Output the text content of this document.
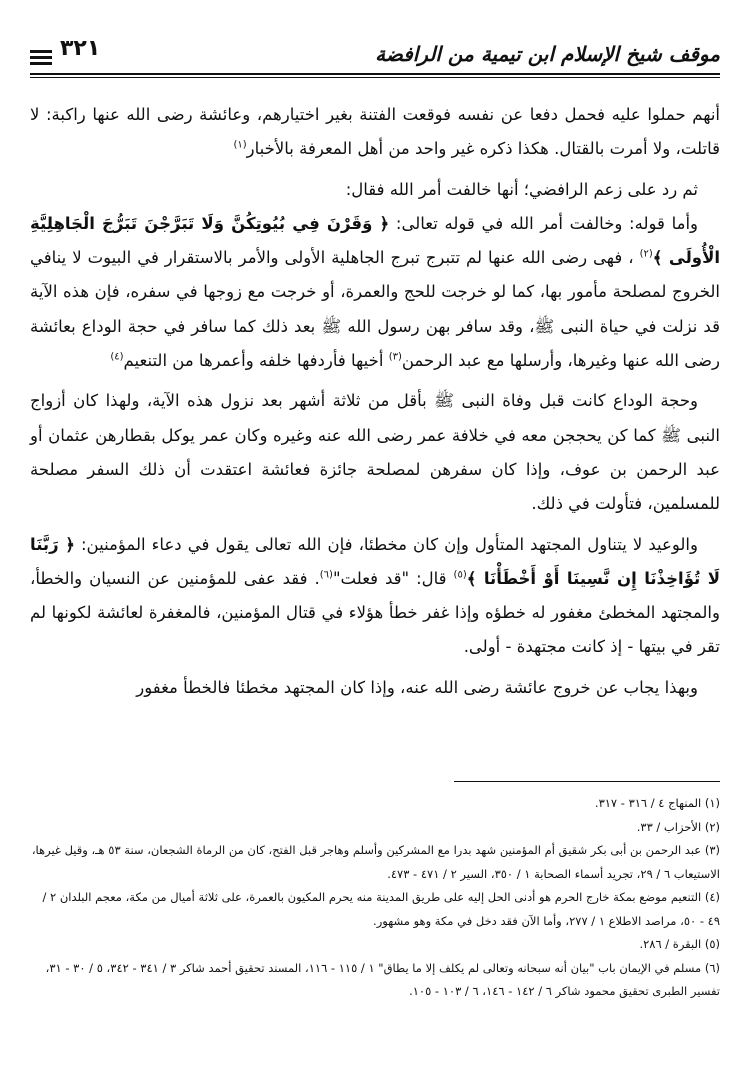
موقف شيخ الإسلام ابن تيمية من الرافضة
٣٢١

أنهم حملوا عليه فحمل دفعا عن نفسه فوقعت الفتنة بغير اختيارهم، وعائشة رضى الله عنها راكبة: لا قاتلت، ولا أمرت بالقتال. هكذا ذكره غير واحد من أهل المعرفة بالأخبار$^{(١)}$

ثم رد على زعم الرافضي؛ أنها خالفت أمر الله فقال:

وأما قوله: وخالفت أمر الله في قوله تعالى: ﴿ وَقَرْنَ فِي بُيُوتِكُنَّ وَلَا تَبَرَّجْنَ تَبَرُّجَ الْجَاهِلِيَّةِ الْأُولَى ﴾$^{(٢)}$ ، فهى رضى الله عنها لم تتبرج تبرج الجاهلية الأولى والأمر بالاستقرار في البيوت لا ينافي الخروج لمصلحة مأمور بها، كما لو خرجت للحج والعمرة، أو خرجت مع زوجها في سفره، فإن هذه الآية قد نزلت في حياة النبى ﷺ، وقد سافر بهن رسول الله ﷺ بعد ذلك كما سافر في حجة الوداع بعائشة رضى الله عنها وغيرها، وأرسلها مع عبد الرحمن$^{(٣)}$ أخيها فأردفها خلفه وأعمرها من التنعيم$^{(٤)}$

وحجة الوداع كانت قبل وفاة النبى ﷺ بأقل من ثلاثة أشهر بعد نزول هذه الآية، ولهذا كان أزواج النبى ﷺ كما كن يحججن معه في خلافة عمر رضى الله عنه وغيره وكان عمر يوكل بقطارهن عثمان أو عبد الرحمن بن عوف، وإذا كان سفرهن لمصلحة جائزة فعائشة اعتقدت أن ذلك السفر مصلحة للمسلمين، فتأولت في ذلك.

والوعيد لا يتناول المجتهد المتأول وإن كان مخطئا، فإن الله تعالى يقول في دعاء المؤمنين: ﴿ رَبَّنَا لَا تُؤَاخِذْنَا إِن نَّسِينَا أَوْ أَخْطَأْنَا ﴾$^{(٥)}$ قال: "قد فعلت"$^{(٦)}$. فقد عفى للمؤمنين عن النسيان والخطأ، والمجتهد المخطئ مغفور له خطؤه وإذا غفر خطأ هؤلاء في قتال المؤمنين، فالمغفرة لعائشة لكونها لم تقر في بيتها - إذ كانت مجتهدة - أولى.

وبهذا يجاب عن خروج عائشة رضى الله عنه، وإذا كان المجتهد مخطئا فالخطأ مغفور

(١) المنهاج ٤ / ٣١٦ - ٣١٧.

(٢) الأحزاب / ٣٣.

(٣) عبد الرحمن بن أبى بكر شقيق أم المؤمنين شهد بدرا مع المشركين وأسلم وهاجر قبل الفتح، كان من الرماة الشجعان، سنة ٥٣ هـ، وقيل غيرها، الاستيعاب ٦ / ٢٩، تجريد أسماء الصحابة ١ / ٣٥٠، السير ٢ / ٤٧١ - ٤٧٣.

(٤) التنعيم موضع بمكة خارج الحرم هو أدنى الحل إليه على طريق المدينة منه يحرم المكيون بالعمرة، على ثلاثة أميال من مكة، معجم البلدان ٢ / ٤٩ - ٥٠، مراصد الاطلاع ١ / ٢٧٧، وأما الآن فقد دخل في مكة وهو مشهور.

(٥) البقرة / ٢٨٦.

(٦) مسلم في الإيمان باب "بيان أنه سبحانه وتعالى لم يكلف إلا ما يطاق" ١ / ١١٥ - ١١٦، المسند تحقيق أحمد شاكر ٣ / ٣٤١ - ٣٤٢، ٥ / ٣٠ - ٣١، تفسير الطبرى تحقيق محمود شاكر ٦ / ١٤٢ - ١٤٦، ٦ / ١٠٣ - ١٠٥.
